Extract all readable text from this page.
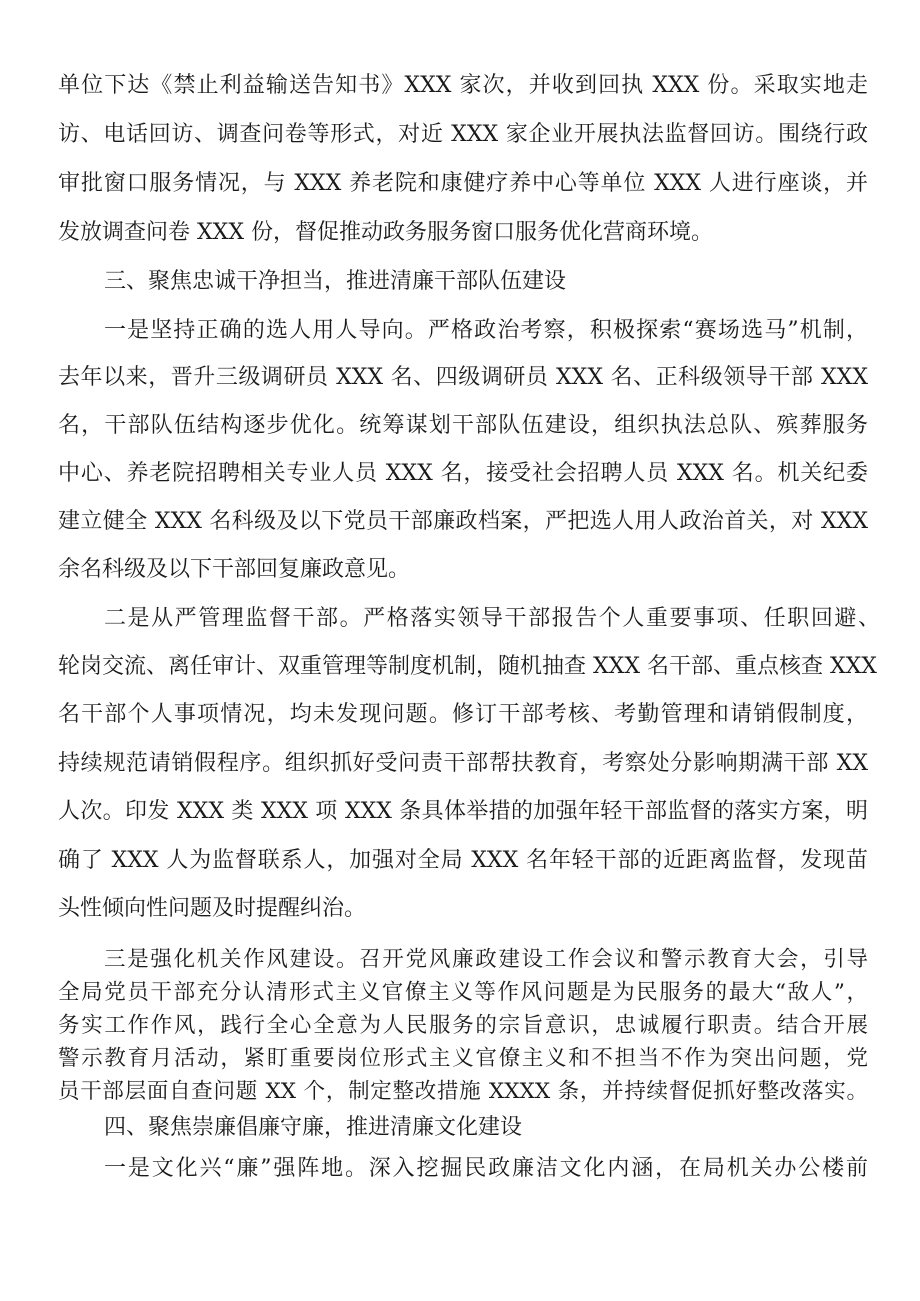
单位下达《禁止利益输送告知书》XXX 家次，并收到回执 XXX 份。采取实地走
访、电话回访、调查问卷等形式，对近 XXX 家企业开展执法监督回访。围绕行政
审批窗口服务情况，与 XXX 养老院和康健疗养中心等单位 XXX 人进行座谈，并
发放调查问卷 XXX 份，督促推动政务服务窗口服务优化营商环境。
三、聚焦忠诚干净担当，推进清廉干部队伍建设
一是坚持正确的选人用人导向。严格政治考察，积极探索“赛场选马”机制，
去年以来，晋升三级调研员 XXX 名、四级调研员 XXX 名、正科级领导干部 XXX
名，干部队伍结构逐步优化。统筹谋划干部队伍建设，组织执法总队、殡葬服务
中心、养老院招聘相关专业人员 XXX 名，接受社会招聘人员 XXX 名。机关纪委
建立健全 XXX 名科级及以下党员干部廉政档案，严把选人用人政治首关，对 XXX
余名科级及以下干部回复廉政意见。
二是从严管理监督干部。严格落实领导干部报告个人重要事项、任职回避、
轮岗交流、离任审计、双重管理等制度机制，随机抽查 XXX 名干部、重点核查 XXX
名干部个人事项情况，均未发现问题。修订干部考核、考勤管理和请销假制度，
持续规范请销假程序。组织抓好受问责干部帮扶教育，考察处分影响期满干部 XX
人次。印发 XXX 类 XXX 项 XXX 条具体举措的加强年轻干部监督的落实方案，明
确了 XXX 人为监督联系人，加强对全局 XXX 名年轻干部的近距离监督，发现苗
头性倾向性问题及时提醒纠治。
三是强化机关作风建设。召开党风廉政建设工作会议和警示教育大会，引导
全局党员干部充分认清形式主义官僚主义等作风问题是为民服务的最大“敌人”，
务实工作作风，践行全心全意为人民服务的宗旨意识，忠诚履行职责。结合开展
警示教育月活动，紧盯重要岗位形式主义官僚主义和不担当不作为突出问题，党
员干部层面自查问题 XX 个，制定整改措施 XXXX 条，并持续督促抓好整改落实。
四、聚焦崇廉倡廉守廉，推进清廉文化建设
一是文化兴“廉”强阵地。深入挖掘民政廉洁文化内涵，在局机关办公楼前
